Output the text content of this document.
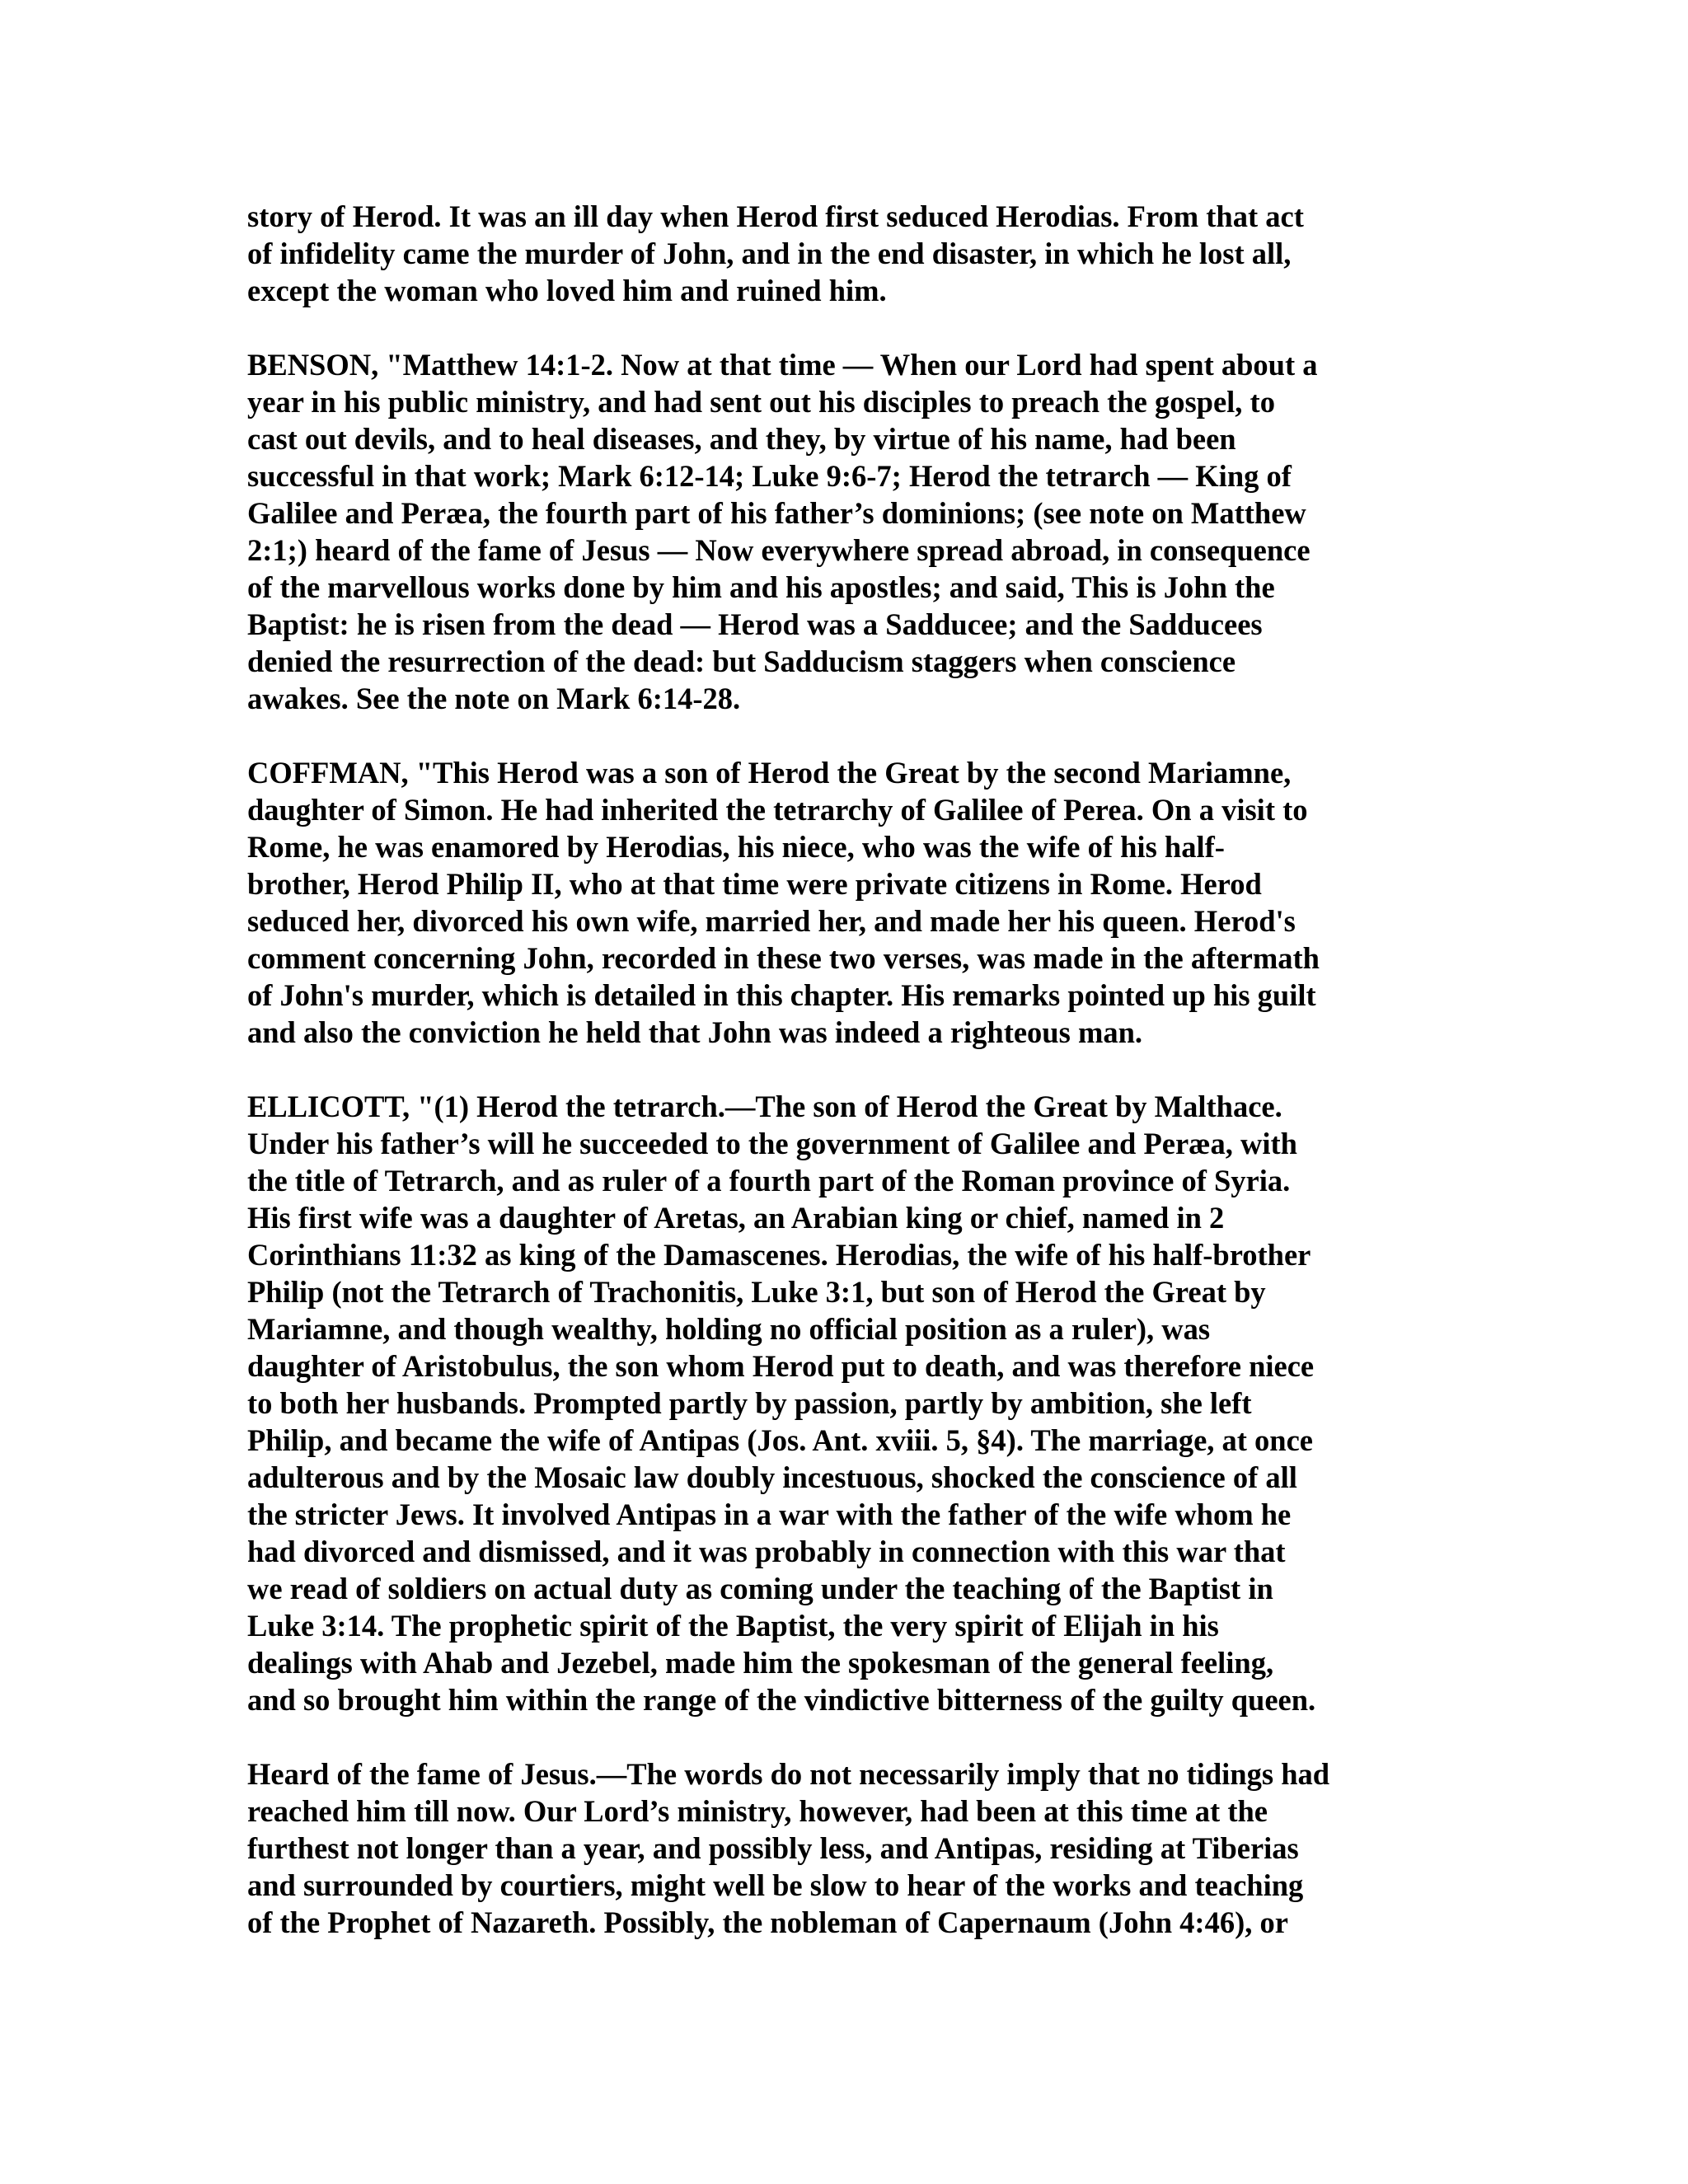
story of Herod. It was an ill day when Herod first seduced Herodias. From that act
of infidelity came the murder of John, and in the end disaster, in which he lost all,
except the woman who loved him and ruined him.

BENSON, "Matthew 14:1-2. Now at that time — When our Lord had spent about a
year in his public ministry, and had sent out his disciples to preach the gospel, to
cast out devils, and to heal diseases, and they, by virtue of his name, had been
successful in that work; Mark 6:12-14; Luke 9:6-7; Herod the tetrarch — King of
Galilee and Peræa, the fourth part of his father’s dominions; (see note on Matthew
2:1;) heard of the fame of Jesus — Now everywhere spread abroad, in consequence
of the marvellous works done by him and his apostles; and said, This is John the
Baptist: he is risen from the dead — Herod was a Sadducee; and the Sadducees
denied the resurrection of the dead: but Sadducism staggers when conscience
awakes. See the note on Mark 6:14-28.

COFFMAN, "This Herod was a son of Herod the Great by the second Mariamne,
daughter of Simon. He had inherited the tetrarchy of Galilee of Perea. On a visit to
Rome, he was enamored by Herodias, his niece, who was the wife of his half-
brother, Herod Philip II, who at that time were private citizens in Rome. Herod
seduced her, divorced his own wife, married her, and made her his queen. Herod's
comment concerning John, recorded in these two verses, was made in the aftermath
of John's murder, which is detailed in this chapter. His remarks pointed up his guilt
and also the conviction he held that John was indeed a righteous man.

ELLICOTT, "(1) Herod the tetrarch.—The son of Herod the Great by Malthace.
Under his father’s will he succeeded to the government of Galilee and Peræa, with
the title of Tetrarch, and as ruler of a fourth part of the Roman province of Syria.
His first wife was a daughter of Aretas, an Arabian king or chief, named in 2
Corinthians 11:32 as king of the Damascenes. Herodias, the wife of his half-brother
Philip (not the Tetrarch of Trachonitis, Luke 3:1, but son of Herod the Great by
Mariamne, and though wealthy, holding no official position as a ruler), was
daughter of Aristobulus, the son whom Herod put to death, and was therefore niece
to both her husbands. Prompted partly by passion, partly by ambition, she left
Philip, and became the wife of Antipas (Jos. Ant. xviii. 5, §4). The marriage, at once
adulterous and by the Mosaic law doubly incestuous, shocked the conscience of all
the stricter Jews. It involved Antipas in a war with the father of the wife whom he
had divorced and dismissed, and it was probably in connection with this war that
we read of soldiers on actual duty as coming under the teaching of the Baptist in
Luke 3:14. The prophetic spirit of the Baptist, the very spirit of Elijah in his
dealings with Ahab and Jezebel, made him the spokesman of the general feeling,
and so brought him within the range of the vindictive bitterness of the guilty queen.

Heard of the fame of Jesus.—The words do not necessarily imply that no tidings had
reached him till now. Our Lord’s ministry, however, had been at this time at the
furthest not longer than a year, and possibly less, and Antipas, residing at Tiberias
and surrounded by courtiers, might well be slow to hear of the works and teaching
of the Prophet of Nazareth. Possibly, the nobleman of Capernaum (John 4:46), or
